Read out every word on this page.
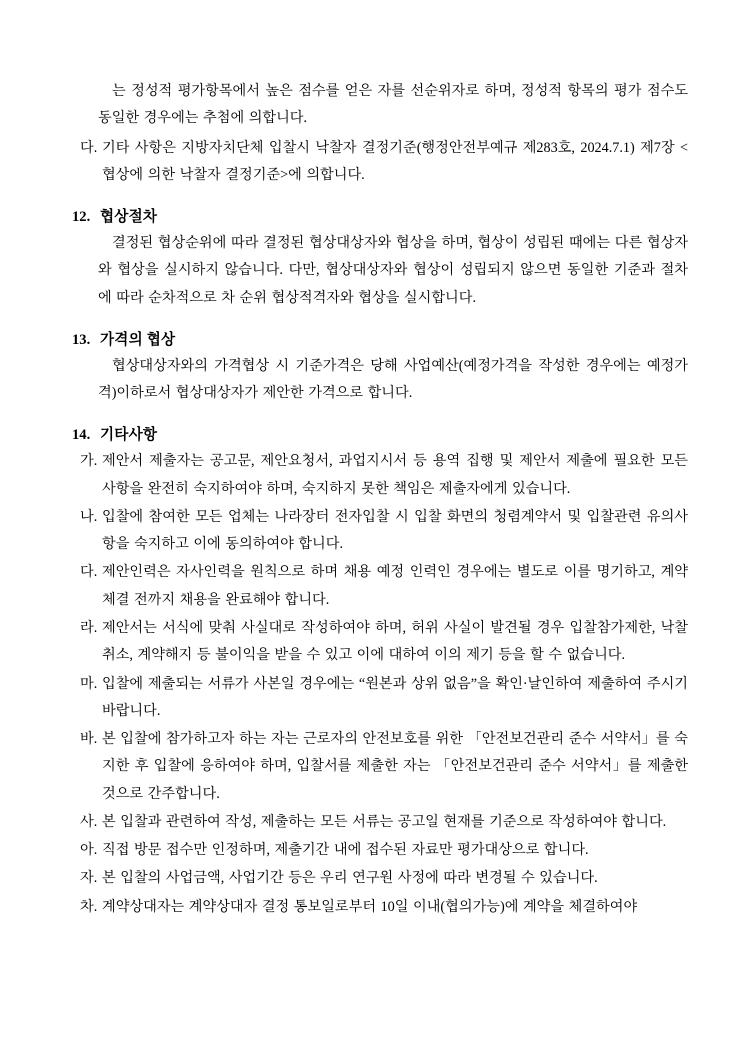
는 정성적 평가항목에서 높은 점수를 얻은 자를 선순위자로 하며, 정성적 항목의 평가 점수도 동일한 경우에는 추첨에 의합니다.

다. 기타 사항은 지방자치단체 입찰시 낙찰자 결정기준(행정안전부예규 제283호, 2024.7.1) 제7장 <협상에 의한 낙찰자 결정기준>에 의합니다.
12. 협상절차

결정된 협상순위에 따라 결정된 협상대상자와 협상을 하며, 협상이 성립된 때에는 다른 협상자와 협상을 실시하지 않습니다. 다만, 협상대상자와 협상이 성립되지 않으면 동일한 기준과 절차에 따라 순차적으로 차 순위 협상적격자와 협상을 실시합니다.

13. 가격의 협상

협상대상자와의 가격협상 시 기준가격은 당해 사업예산(예정가격을 작성한 경우에는 예정가격)이하로서 협상대상자가 제안한 가격으로 합니다.

14. 기타사항
가. 제안서 제출자는 공고문, 제안요청서, 과업지시서 등 용역 집행 및 제안서 제출에 필요한 모든 사항을 완전히 숙지하여야 하며, 숙지하지 못한 책임은 제출자에게 있습니다.
나. 입찰에 참여한 모든 업체는 나라장터 전자입찰 시 입찰 화면의 청렴계약서 및 입찰관련 유의사항을 숙지하고 이에 동의하여야 합니다.
다. 제안인력은 자사인력을 원칙으로 하며 채용 예정 인력인 경우에는 별도로 이를 명기하고, 계약체결 전까지 채용을 완료해야 합니다.
라. 제안서는 서식에 맞춰 사실대로 작성하여야 하며, 허위 사실이 발견될 경우 입찰참가제한, 낙찰취소, 계약해지 등 불이익을 받을 수 있고 이에 대하여 이의 제기 등을 할 수 없습니다.
마. 입찰에 제출되는 서류가 사본일 경우에는 “원본과 상위 없음”을 확인·날인하여 제출하여 주시기 바랍니다.
바. 본 입찰에 참가하고자 하는 자는 근로자의 안전보호를 위한 「안전보건관리 준수 서약서」를 숙지한 후 입찰에 응하여야 하며, 입찰서를 제출한 자는 「안전보건관리 준수 서약서」를 제출한 것으로 간주합니다.
사. 본 입찰과 관련하여 작성, 제출하는 모든 서류는 공고일 현재를 기준으로 작성하여야 합니다.
아. 직접 방문 접수만 인정하며, 제출기간 내에 접수된 자료만 평가대상으로 합니다.
자. 본 입찰의 사업금액, 사업기간 등은 우리 연구원 사정에 따라 변경될 수 있습니다.
차. 계약상대자는 계약상대자 결정 통보일로부터 10일 이내(협의가능)에 계약을 체결하여야
